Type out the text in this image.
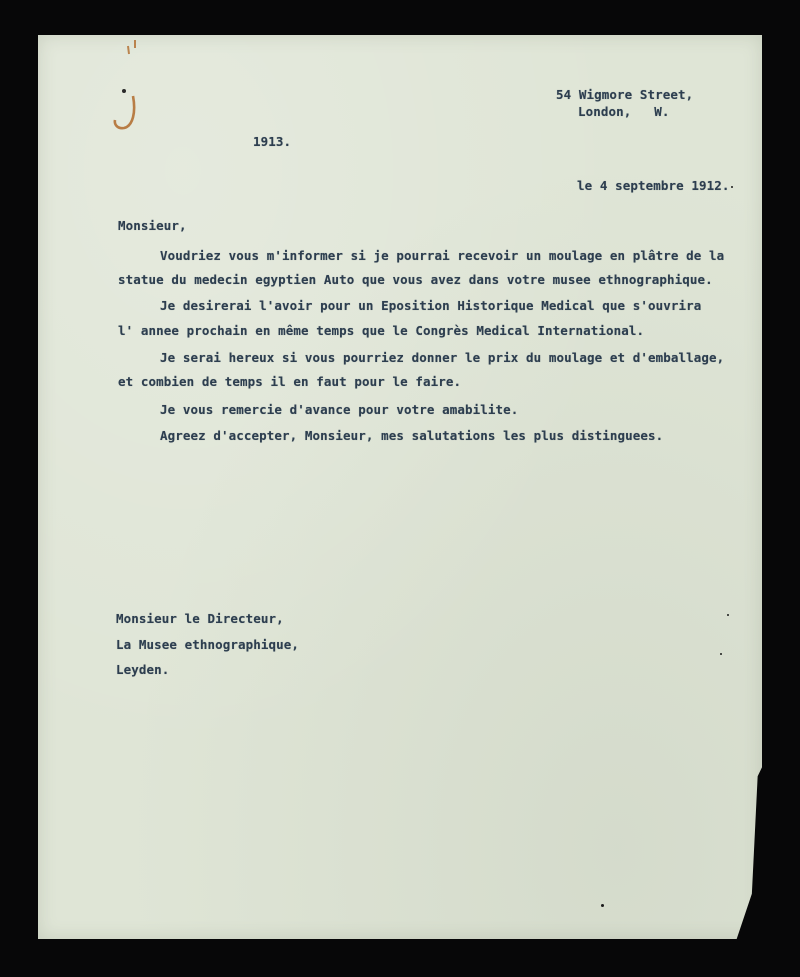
54 Wigmore Street,
London,   W.
1913.
le 4 septembre 1912.
Monsieur,
Voudriez vous m'informer si je pourrai recevoir un moulage en plâtre de la
statue du medecin egyptien Auto que vous avez dans votre musee ethnographique.
Je desirerai l'avoir pour un Eposition Historique Medical que s'ouvrira
l' annee prochain en même temps que le Congrès Medical International.
Je serai hereux si vous pourriez donner le prix du moulage et d'emballage,
et combien de temps il en faut pour le faire.
Je vous remercie d'avance pour votre amabilite.
Agreez d'accepter, Monsieur, mes salutations les plus distinguees.
Monsieur le Directeur,
La Musee ethnographique,
Leyden.
